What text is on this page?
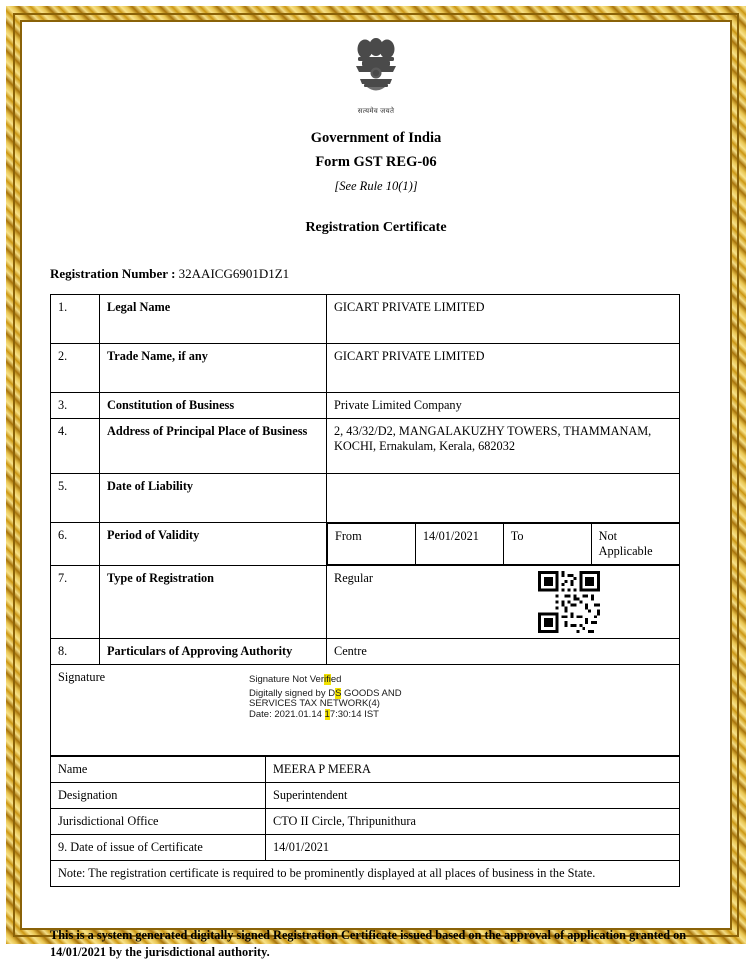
सत्यमेव जयते
Government of India
Form GST REG-06
[See Rule 10(1)]
Registration Certificate
Registration Number : 32AAICG6901D1Z1
1.	Legal Name	GICART PRIVATE LIMITED
2.	Trade Name, if any	GICART PRIVATE LIMITED
3.	Constitution of Business	Private Limited Company
4.	Address of Principal Place of Business	2, 43/32/D2, MANGALAKUZHY TOWERS, THAMMANAM, KOCHI, Ernakulam, Kerala, 682032
5.	Date of Liability	
6.	Period of Validity		From	14/01/2021	To	Not Applicable

7.	Type of Registration	Regular

8.	Particulars of Approving Authority	Centre

Signature	Signature Not Verified
Digitally signed by DS GOODS AND
SERVICES TAX NETWORK(4)
Date: 2021.01.14 17:30:14 IST
Name	MEERA P MEERA
Designation	Superintendent
Jurisdictional Office	CTO II Circle, Thripunithura
9. Date of issue of Certificate	14/01/2021
Note: The registration certificate is required to be prominently displayed at all places of business in the State.	
This is a system generated digitally signed Registration Certificate issued based on the approval of application granted on 14/01/2021 by the jurisdictional authority.
